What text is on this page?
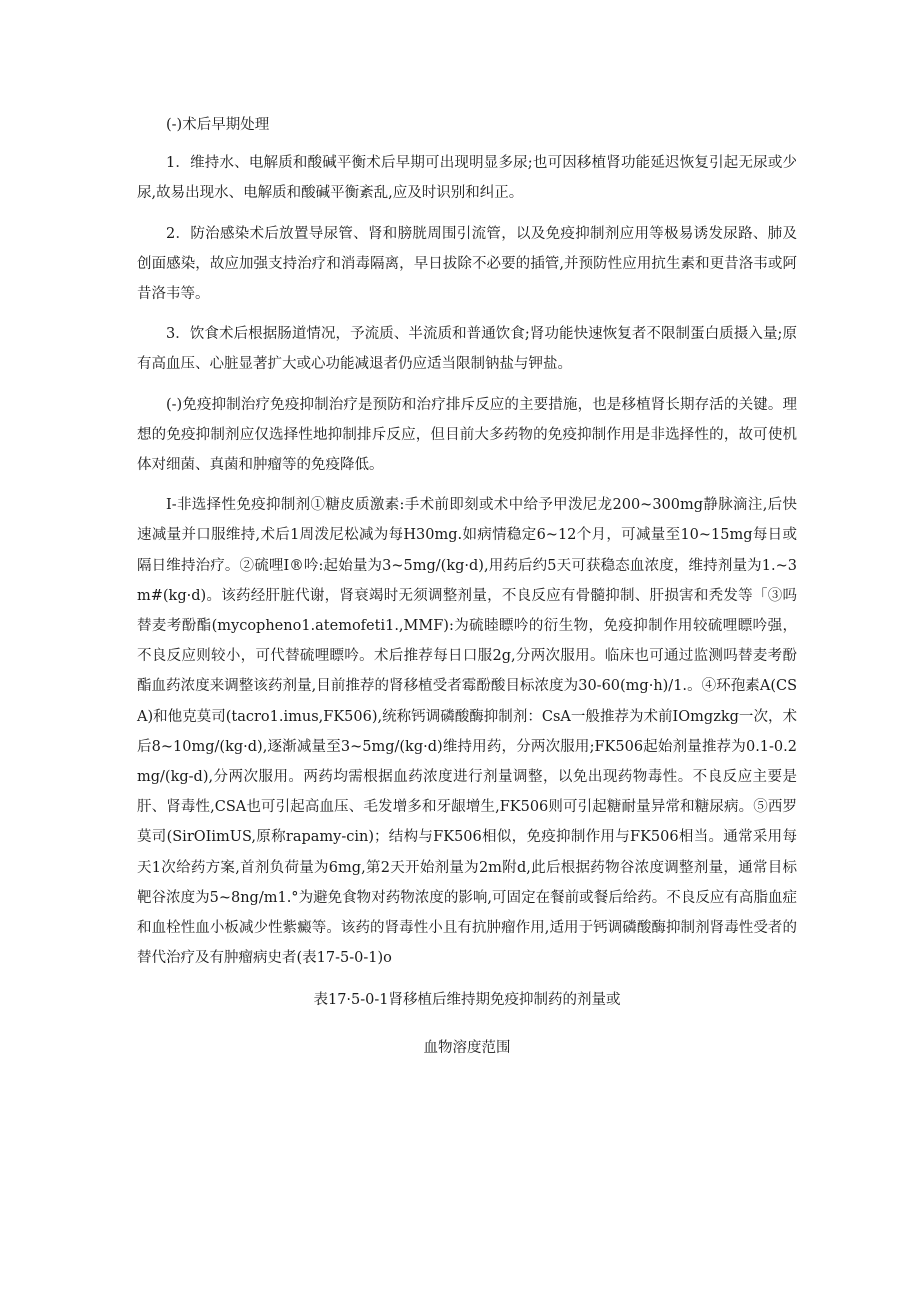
(-)术后早期处理

1．维持水、电解质和酸碱平衡术后早期可出现明显多尿;也可因移植肾功能延迟恢复引起无尿或少尿,故易出现水、电解质和酸碱平衡紊乱,应及时识别和纠正。

2．防治感染术后放置导尿管、肾和膀胱周围引流管，以及免疫抑制剂应用等极易诱发尿路、肺及创面感染，故应加强支持治疗和消毒隔离，早日拔除不必要的插管,并预防性应用抗生素和更昔洛韦或阿昔洛韦等。

3．饮食术后根据肠道情况，予流质、半流质和普通饮食;肾功能快速恢复者不限制蛋白质摄入量;原有高血压、心脏显著扩大或心功能减退者仍应适当限制钠盐与钾盐。

(-)免疫抑制治疗免疫抑制治疗是预防和治疗排斥反应的主要措施，也是移植肾长期存活的关键。理想的免疫抑制剂应仅选择性地抑制排斥反应，但目前大多药物的免疫抑制作用是非选择性的，故可使机体对细菌、真菌和肿瘤等的免疫降低。

I-非选择性免疫抑制剂①糖皮质激素:手术前即刻或术中给予甲泼尼龙200~300mg静脉滴注,后快速减量并口服维持,术后1周泼尼松减为每H30mg.如病情稳定6~12个月，可减量至10~15mg每日或隔日维持治疗。②硫哩I®吟:起始量为3~5mg/(kg·d),用药后约5天可获稳态血浓度，维持剂量为1.~3m#(kg·d)。该药经肝脏代谢，肾衰竭时无须调整剂量，不良反应有骨髓抑制、肝损害和秃发等「③吗替麦考酚酯(mycopheno1.atemofeti1.,MMF):为硫睦瞟吟的衍生物，免疫抑制作用较硫哩瞟吟强，不良反应则较小，可代替硫哩瞟吟。术后推荐每日口服2g,分两次服用。临床也可通过监测吗替麦考酚酯血药浓度来调整该药剂量,目前推荐的肾移植受者霉酚酸目标浓度为30-60(mg·h)/1.。④环孢素A(CSA)和他克莫司(tacro1.imus,FK506),统称钙调磷酸酶抑制剂：CsA一般推荐为术前IOmgzkg一次，术后8~10mg/(kg·d),逐渐减量至3~5mg/(kg·d)维持用药，分两次服用;FK506起始剂量推荐为0.1-0.2mg/(kg-d),分两次服用。两药均需根据血药浓度进行剂量调整，以免出现药物毒性。不良反应主要是肝、肾毒性,CSA也可引起高血压、毛发增多和牙龈增生,FK506则可引起糖耐量异常和糖尿病。⑤西罗莫司(SirOIimUS,原称rapamy-cin)；结构与FK506相似，免疫抑制作用与FK506相当。通常采用每天1次给药方案,首剂负荷量为6mg,第2天开始剂量为2m附d,此后根据药物谷浓度调整剂量，通常目标靶谷浓度为5~8ng/m1.°为避免食物对药物浓度的影响,可固定在餐前或餐后给药。不良反应有高脂血症和血栓性血小板减少性紫癜等。该药的肾毒性小且有抗肿瘤作用,适用于钙调磷酸酶抑制剂肾毒性受者的替代治疗及有肿瘤病史者(表17-5-0-1)o

表17·5-0-1肾移植后维持期免疫抑制药的剂量或

血物溶度范围
